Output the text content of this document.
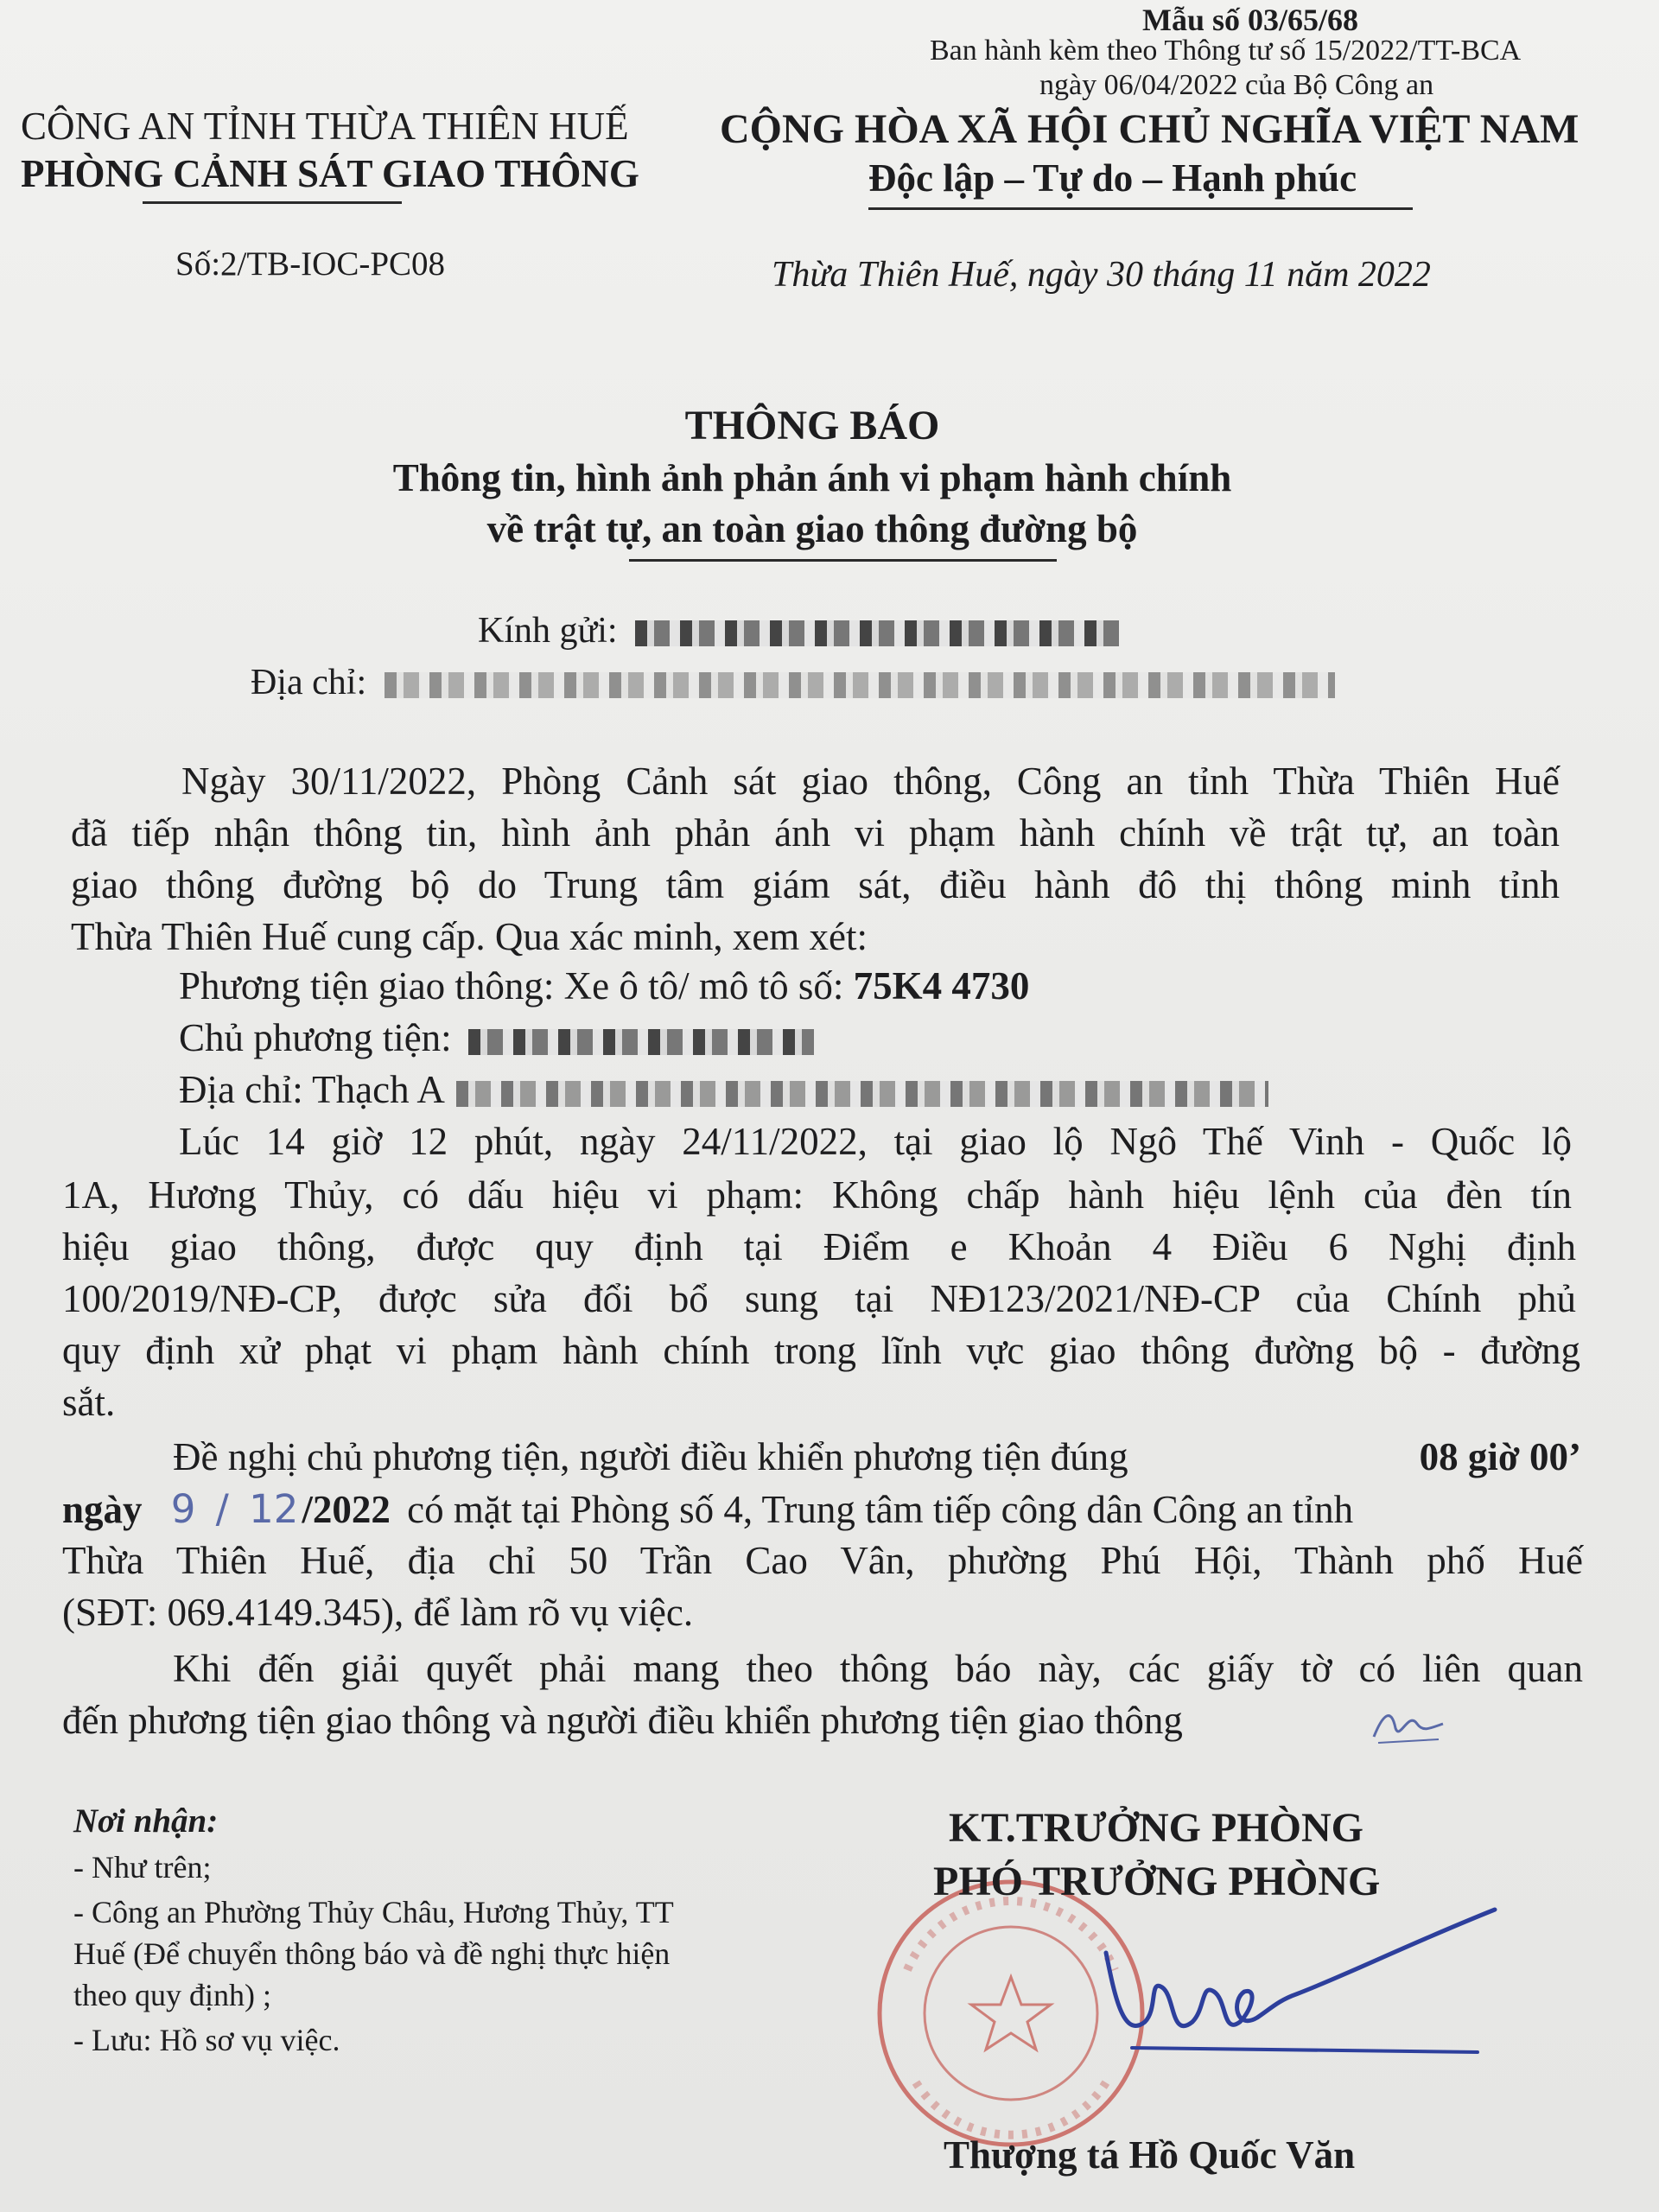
Mẫu số 03/65/68
Ban hành kèm theo Thông tư số 15/2022/TT-BCA
ngày 06/04/2022 của Bộ Công an
CÔNG AN TỈNH THỪA THIÊN HUẾ
PHÒNG CẢNH SÁT GIAO THÔNG
Số:2/TB-IOC-PC08
CỘNG HÒA XÃ HỘI CHỦ NGHĨA VIỆT NAM
Độc lập – Tự do – Hạnh phúc
Thừa Thiên Huế, ngày 30 tháng 11 năm 2022
THÔNG BÁO
Thông tin, hình ảnh phản ánh vi phạm hành chính
về trật tự, an toàn giao thông đường bộ
Kính gửi:
Địa chỉ:
Ngày 30/11/2022, Phòng Cảnh sát giao thông, Công an tỉnh Thừa Thiên Huế
đã tiếp nhận thông tin, hình ảnh phản ánh vi phạm hành chính về trật tự, an toàn
giao thông đường bộ do Trung tâm giám sát, điều hành đô thị thông minh tỉnh
Thừa Thiên Huế cung cấp. Qua xác minh, xem xét:
Phương tiện giao thông: Xe ô tô/ mô tô số: 75K4 4730
Chủ phương tiện:
Địa chỉ: Thạch A
Lúc 14 giờ 12 phút, ngày 24/11/2022, tại giao lộ Ngô Thế Vinh - Quốc lộ
1A, Hương Thủy, có dấu hiệu vi phạm: Không chấp hành hiệu lệnh của đèn tín
hiệu giao thông, được quy định tại Điểm e Khoản 4 Điều 6 Nghị định
100/2019/NĐ-CP, được sửa đổi bổ sung tại NĐ123/2021/NĐ-CP của Chính phủ
quy định xử phạt vi phạm hành chính trong lĩnh vực giao thông đường bộ - đường
sắt.
Đề nghị chủ phương tiện, người điều khiển phương tiện đúng	08 giờ 00’
ngày 9 / 12/2022 có mặt tại Phòng số 4, Trung tâm tiếp công dân Công an tỉnh
Thừa Thiên Huế, địa chỉ 50 Trần Cao Vân, phường Phú Hội, Thành phố Huế
(SĐT: 069.4149.345), để làm rõ vụ việc.
Khi đến giải quyết phải mang theo thông báo này, các giấy tờ có liên quan
đến phương tiện giao thông và người điều khiển phương tiện giao thông
Nơi nhận:
- Như trên;
- Công an Phường Thủy Châu, Hương Thủy, TT
Huế (Để chuyển thông báo và đề nghị thực hiện
theo quy định) ;
- Lưu: Hồ sơ vụ việc.
KT.TRƯỞNG PHÒNG
PHÓ TRƯỞNG PHÒNG
Thượng tá Hồ Quốc Văn
